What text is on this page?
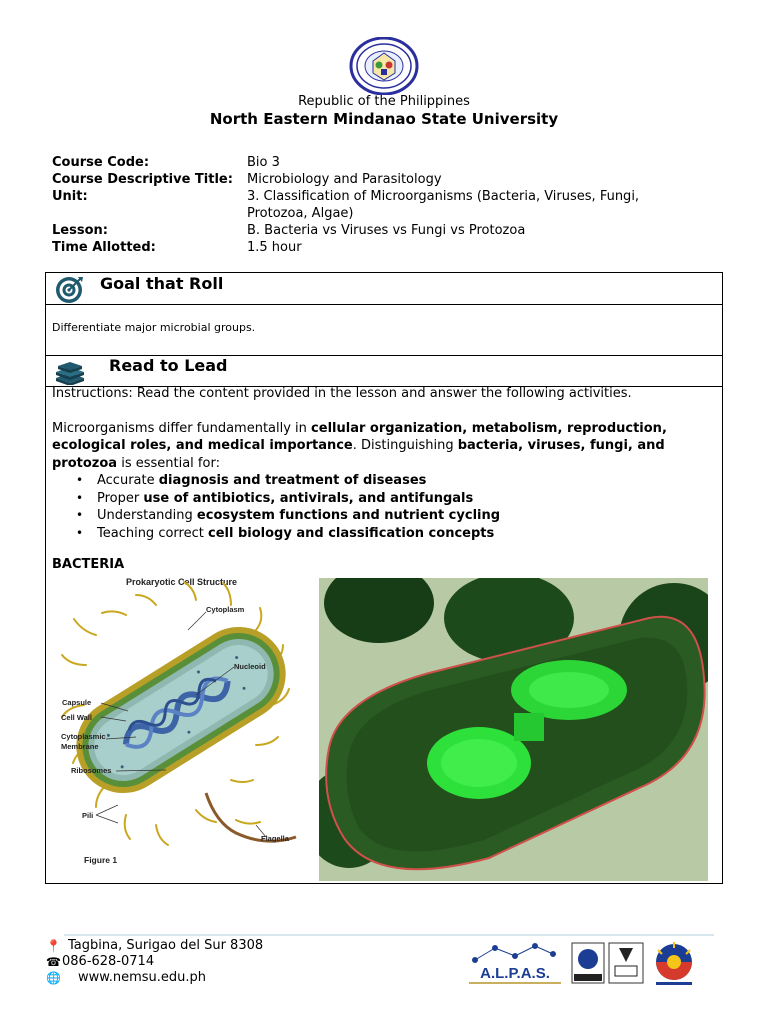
Republic of the Philippines
North Eastern Mindanao State University
Course Code:	Bio 3
Course Descriptive Title:	Microbiology and Parasitology
Unit:	3. Classification of Microorganisms (Bacteria, Viruses, Fungi, Protozoa, Algae)
Lesson:	B. Bacteria vs Viruses vs Fungi vs Protozoa
Time Allotted:	1.5 hour
Goal that Roll
Differentiate major microbial groups.
Read to Lead

Instructions: Read the content provided in the lesson and answer the following activities.

Microorganisms differ fundamentally in cellular organization, metabolism, reproduction, ecological roles, and medical importance. Distinguishing bacteria, viruses, fungi, and protozoa is essential for:

• Accurate diagnosis and treatment of diseases
• Proper use of antibiotics, antivirals, and antifungals
• Understanding ecosystem functions and nutrient cycling
• Teaching correct cell biology and classification concepts
BACTERIA
Prokaryotic Cell Structure
Cytoplasm
Nucleoid
Capsule
Cell Wall
Cytoplasmic
Membrane
Ribosomes
Pili
Flagella
Figure 1
📍 Tagbina, Surigao del Sur 8308
☎ 086-628-0714
🌐	www.nemsu.edu.ph	A.L.P.A.S.
